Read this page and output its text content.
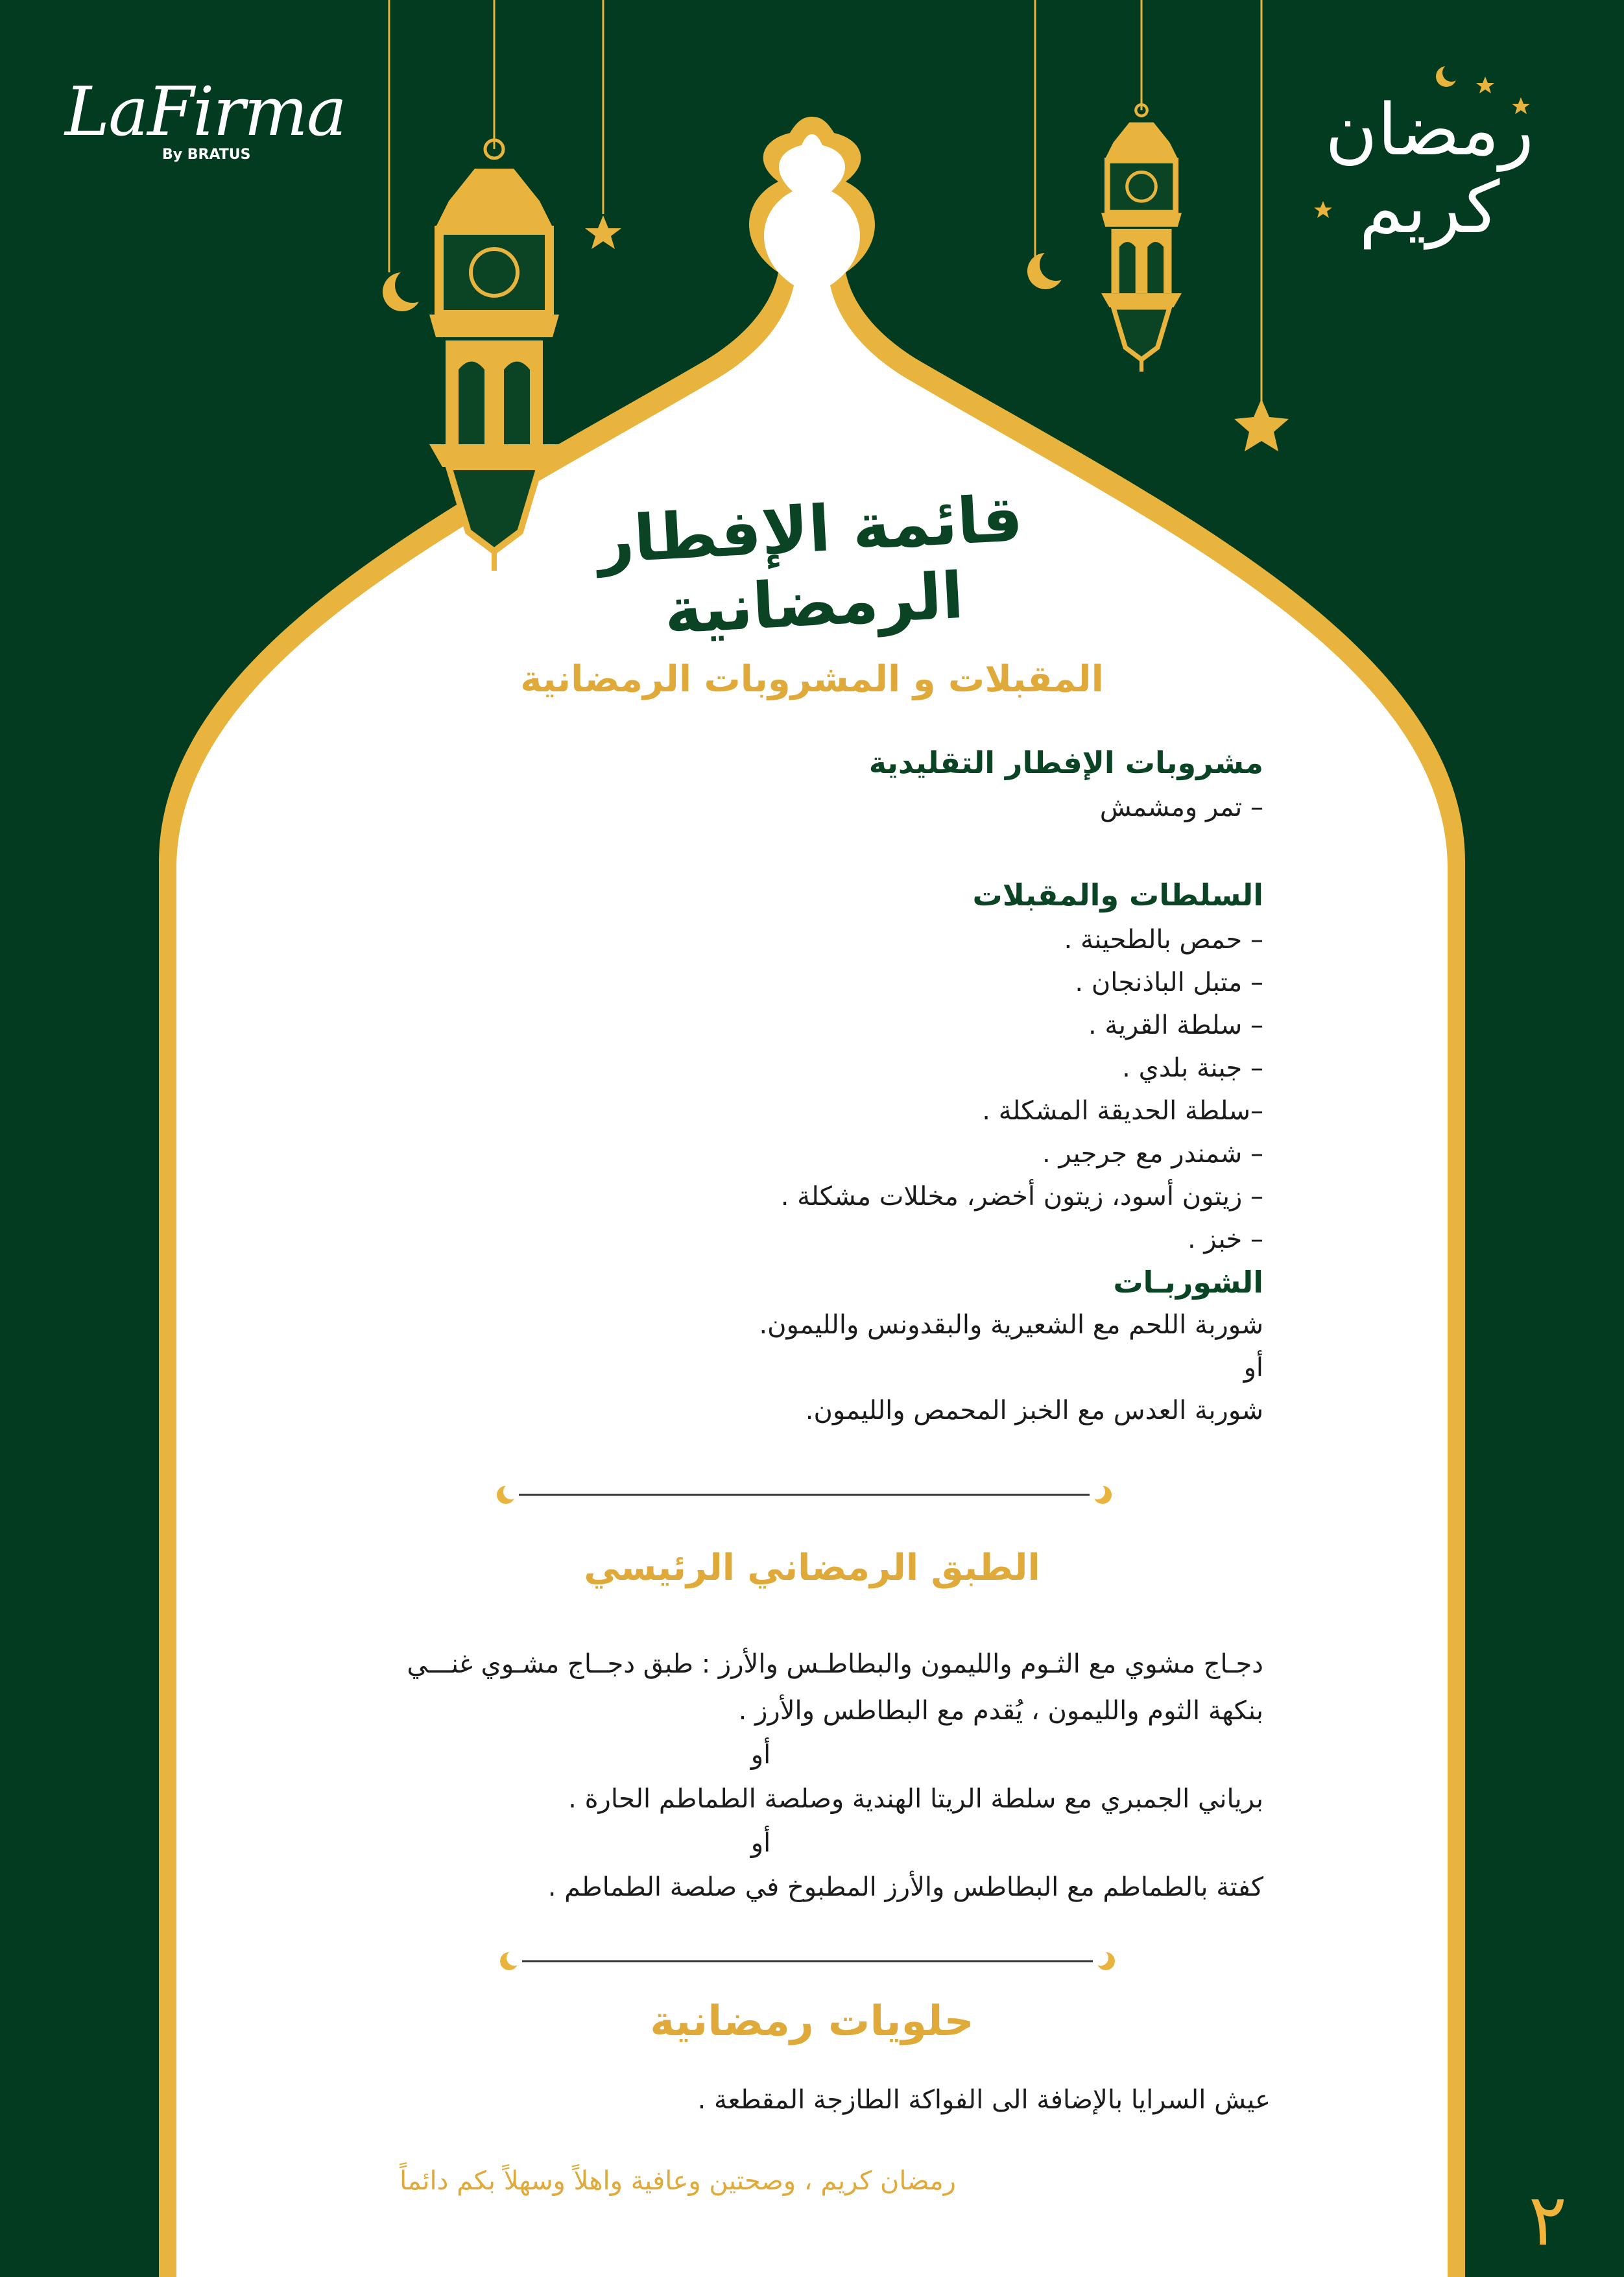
LaFirma
By BRATUS	رمضان
كريم
قائمة الإفطار الرمضانية
المقبلات و المشروبات الرمضانية
مشروبات الإفطار التقليدية
– تمر ومشمش
السلطات والمقبلات
– حمص بالطحينة .
– متبل الباذنجان .
– سلطة القرية .
– جبنة بلدي .
–سلطة الحديقة المشكلة .
– شمندر مع جرجير .
– زيتون أسود، زيتون أخضر، مخللات مشكلة .
– خبز .
الشوربـات
شوربة اللحم مع الشعيرية والبقدونس والليمون.
أو
شوربة العدس مع الخبز المحمص والليمون.
الطبق الرمضاني الرئيسي
دجـاج مشوي مع الثـوم والليمون والبطاطـس والأرز : طبق دجــاج مشـوي غنـــي
بنكهة الثوم والليمون ، يُقدم مع البطاطس والأرز .
أو
برياني الجمبري مع سلطة الريتا الهندية وصلصة الطماطم الحارة .
أو
كفتة بالطماطم مع البطاطس والأرز المطبوخ في صلصة الطماطم .
حلويات رمضانية
عيش السرايا بالإضافة الى الفواكة الطازجة المقطعة .
رمضان كريم ، وصحتين وعافية واهلاً وسهلاً بكم دائماً	٢
